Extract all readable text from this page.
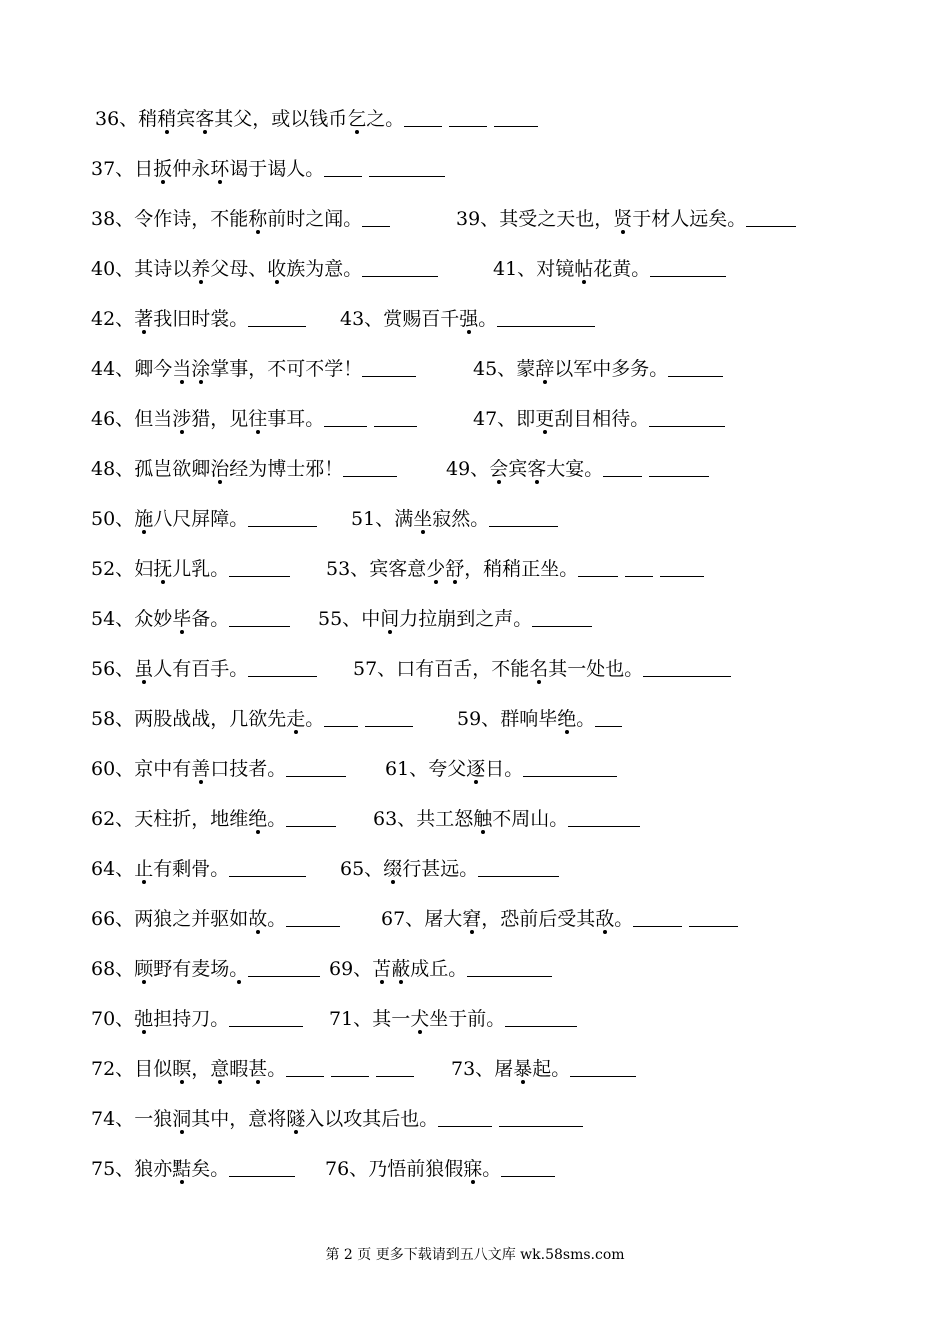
36、稍稍宾客其父，或以钱币乞之。
37、日扳仲永环谒于谒人。
38、令作诗，不能称前时之闻。	39、其受之天也，贤于材人远矣。
40、其诗以养父母、收族为意。	41、对镜帖花黄。
42、著我旧时裳。	43、赏赐百千强。
44、卿今当涂掌事，不可不学！	45、蒙辞以军中多务。
46、但当涉猎，见往事耳。	47、即更刮目相待。
48、孤岂欲卿治经为博士邪！	49、会宾客大宴。
50、施八尺屏障。	51、满坐寂然。
52、妇抚儿乳。	53、宾客意少舒，稍稍正坐。
54、众妙毕备。	55、中间力拉崩到之声。
56、虽人有百手。	57、口有百舌，不能名其一处也。
58、两股战战，几欲先走。	59、群响毕绝。
60、京中有善口技者。	61、夸父逐日。
62、天柱折，地维绝。	63、共工怒触不周山。
64、止有剩骨。	65、缀行甚远。
66、两狼之并驱如故。	67、屠大窘，恐前后受其敌。
68、顾野有麦场。	69、苫蔽成丘。
70、弛担持刀。	71、其一犬坐于前。
72、目似瞑，意暇甚。	73、屠暴起。
74、一狼洞其中，意将隧入以攻其后也。
75、狼亦黠矣。	76、乃悟前狼假寐。
第 2 页 更多下载请到五八文库 wk.58sms.com
